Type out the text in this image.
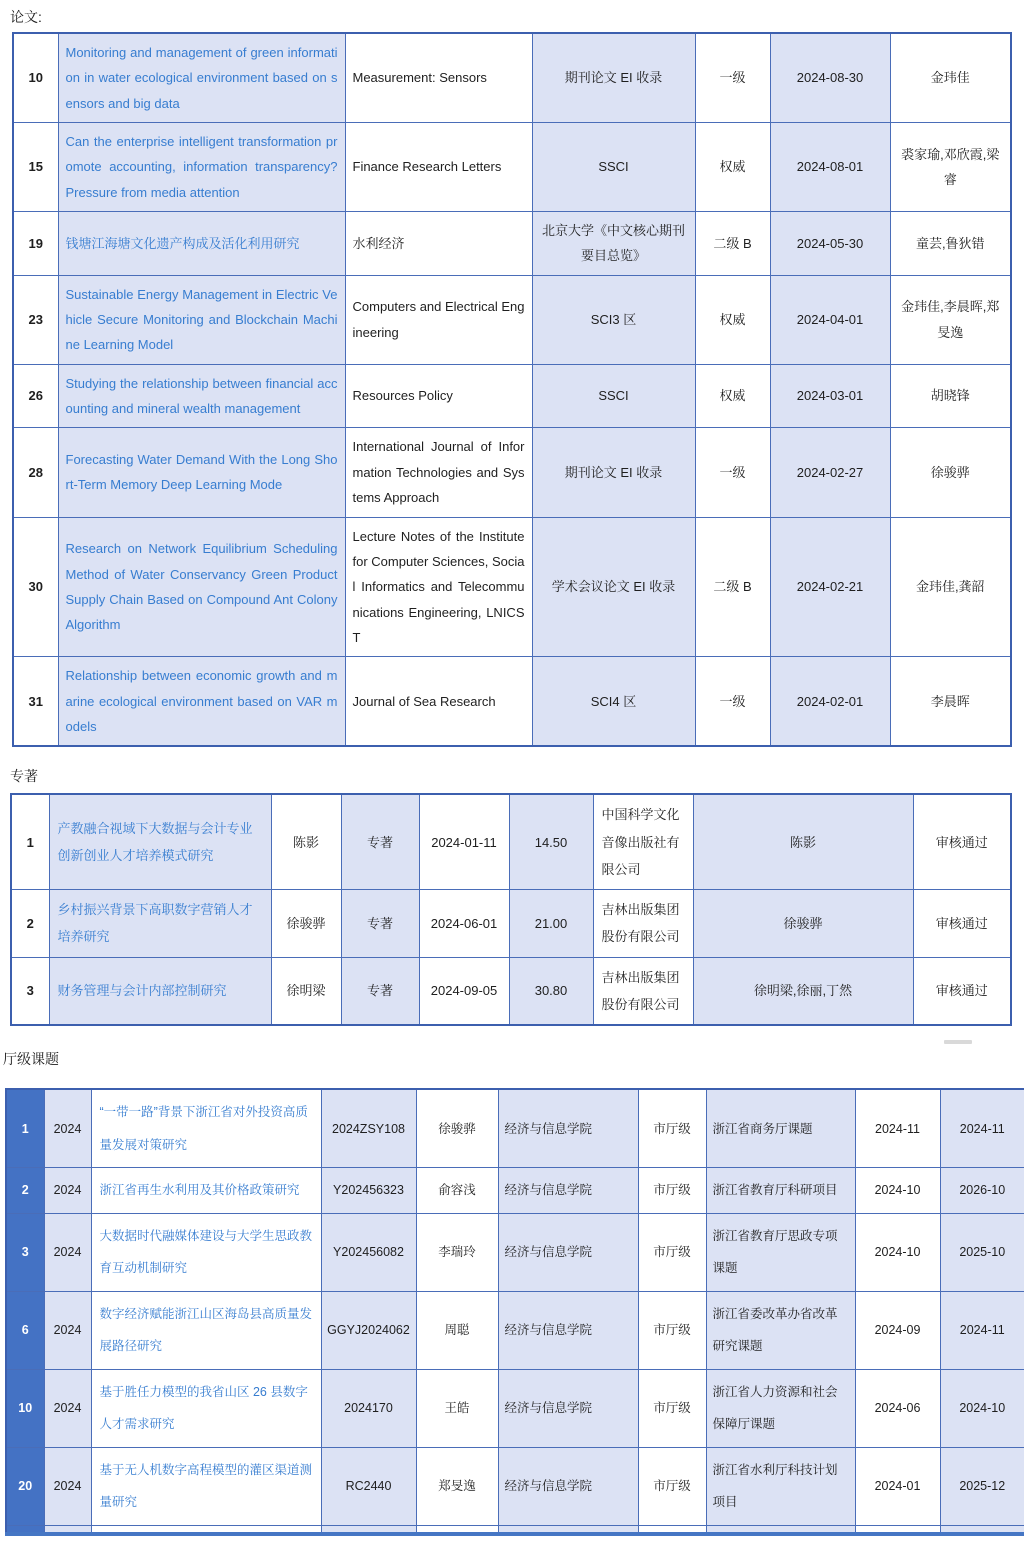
论文:
10	Monitoring and management of green information in water ecological environment based on sensors and big data	Measurement: Sensors	期刊论文 EI 收录	一级	2024-08-30	金玮佳
15	Can the enterprise intelligent transformation promote accounting, information transparency? Pressure from media attention	Finance Research Letters	SSCI	权威	2024-08-01	裘家瑜,邓欣霞,梁睿
19	钱塘江海塘文化遗产构成及活化利用研究	水利经济	北京大学《中文核心期刊要目总览》	二级 B	2024-05-30	童芸,鲁狄错
23	Sustainable Energy Management in Electric Vehicle Secure Monitoring and Blockchain Machine Learning Model	Computers and Electrical Engineering	SCI3 区	权威	2024-04-01	金玮佳,李晨晖,郑旻逸
26	Studying the relationship between financial accounting and mineral wealth management	Resources Policy	SSCI	权威	2024-03-01	胡晓锋
28	Forecasting Water Demand With the Long Short-Term Memory Deep Learning Mode	International Journal of Information Technologies and Systems Approach	期刊论文 EI 收录	一级	2024-02-27	徐骏骅
30	Research on Network Equilibrium Scheduling Method of Water Conservancy Green Product Supply Chain Based on Compound Ant Colony Algorithm	Lecture Notes of the Institute for Computer Sciences, Social Informatics and Telecommunications Engineering, LNICST	学术会议论文 EI 收录	二级 B	2024-02-21	金玮佳,龚韶
31	Relationship between economic growth and marine ecological environment based on VAR models	Journal of Sea Research	SCI4 区	一级	2024-02-01	李晨晖
专著
1	产教融合视域下大数据与会计专业创新创业人才培养模式研究	陈影	专著	2024-01-11	14.50	中国科学文化音像出版社有限公司	陈影	审核通过
2	乡村振兴背景下高职数字营销人才培养研究	徐骏骅	专著	2024-06-01	21.00	吉林出版集团股份有限公司	徐骏骅	审核通过
3	财务管理与会计内部控制研究	徐明梁	专著	2024-09-05	30.80	吉林出版集团股份有限公司	徐明梁,徐丽,丁然	审核通过
厅级课题
1	2024	“一带一路”背景下浙江省对外投资高质量发展对策研究	2024ZSY108	徐骏骅	经济与信息学院	市厅级	浙江省商务厅课题	2024-11	2024-11
2	2024	浙江省再生水利用及其价格政策研究	Y202456323	俞容浅	经济与信息学院	市厅级	浙江省教育厅科研项目	2024-10	2026-10
3	2024	大数据时代融媒体建设与大学生思政教育互动机制研究	Y202456082	李瑞玲	经济与信息学院	市厅级	浙江省教育厅思政专项课题	2024-10	2025-10
6	2024	数字经济赋能浙江山区海岛县高质量发展路径研究	GGYJ2024062	周聪	经济与信息学院	市厅级	浙江省委改革办省改革研究课题	2024-09	2024-11
10	2024	基于胜任力模型的我省山区 26 县数字人才需求研究	2024170	王皓	经济与信息学院	市厅级	浙江省人力资源和社会保障厅课题	2024-06	2024-10
20	2024	基于无人机数字高程模型的灌区渠道测量研究	RC2440	郑旻逸	经济与信息学院	市厅级	浙江省水利厅科技计划项目	2024-01	2025-12
